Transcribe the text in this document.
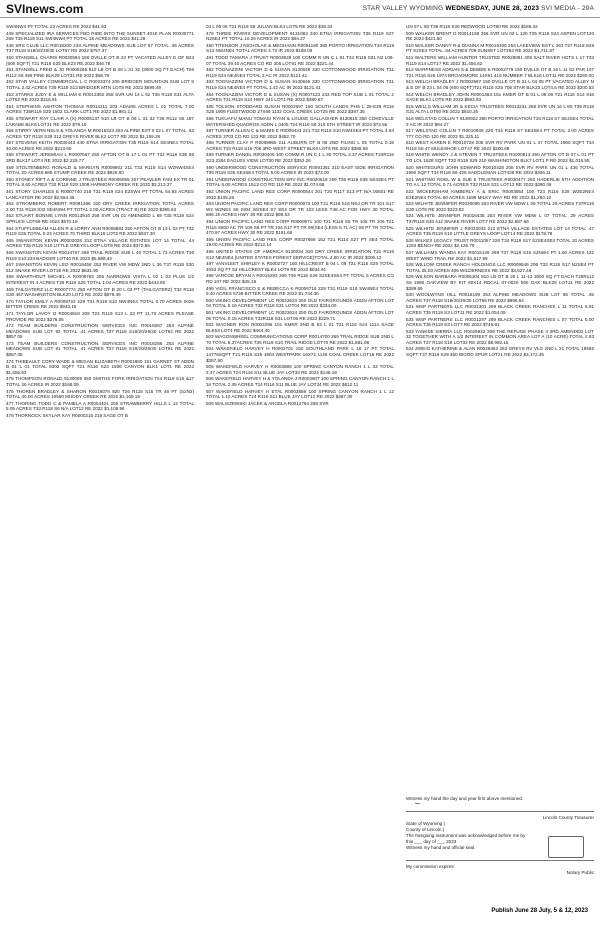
SVInews.com	STAR VALLEY WYOMING WEDNESDAY, JUNE 28, 2023 SVI MEDIA - 29A

SW4NW4 PT TOTAL 23 ACRES RE 2022 $41.63

448 SPECIALIZED IRA SERVICES FBO RIDE INTO THE SUNSET 401K PLAN R0030771 269 T35 R119 S11 SW4NW4 PT TOTAL 18 ACRES RE 2022 $41.28

449 SRS CLUB LLC R0018200 233 ALPINE MEADOWS SUB LOT 67 TOTAL .36 ACRES T37 R118 S19/20/29/30 LOT67 RE 2022 $757.37

450 STANSELL CHARIS R0030564 150 DVILLE OT B 23 PT VACATED ALLEY E OF B23 (600 SQFT) T21 R116 S25 BLK23 RE 2022 $46.78

451 STANSELL FRED & JO R0005265 910 LB OT B 28 L 31 32 (3000 SQ FT EACH) T26 R112 S6 489 PINE BLK28 LOT31 RE 2022 $58.79

452 STAR VALLEY COMMERCIAL L C R0023374 205 BRIDGER MOUNTAIN SUB LOT 8 TOTAL 3.42 ACRES T35 R118 S13 BRIDGER MTN LOT8 RE 2022 $895.49

453 STARKS JUDY E & WILLIAM E R0013362 258 SVR UN 14 L 52 T35 R118 S31 ALTA LOT52 RE 2022 $316.81

454 STEPHENS ASHTON THOMAS R0014211 203 ADAMS ACRES L 01 TOTAL 7.00 ACRES T35R119 S25 1502 CLARK LOT1 RE 2022 $1,981.11

455 STEWART RAY CLAIR A (X) R0005137 910 LB OT B 06 L 31 32 T26 R112 S6 187 LARABE BLK6 LOT31 RE 2022 $79.19

456 STIRRY VERN NELS & YOLANDA M R0016323 253 ALPINE EST II 02 L 07 TOTAL .63 ACRES T37 R118 S29 312 GREYS RIVER BLK2 LOT7 RE 2022 $1,159.28

457 STEVENS KEITH R0030443 440 ETNA IRRIGATION T35 R119 S14 SE4NE4 TOTAL 40.00 ACRES RE 2022 $213.69

458 STEWART JEREMIAH L R0007667 250 AFTON OT B 17 L 04 PT T32 R118 S36 66 3RD BLK17 LOT4 RE 2022 $2,229.77

459 STOLTENBERG RONALD & MARILYN R0009902 211 T33 R119 S14 W2NW4SE4 TOTAL 20 ACRES 688 STUMP CREEK RE 2022 $926.60

460 STONEY RIFT A & CORINNE J TRUSTEES R0009055 207 PEAVLER FAM EX TR 01 TOTAL 8.60 ACRES T32 R119 S29 1008 HARMONY CREEK RE 2022 $3,213.37

461 STORY CHARLES E R0007740 218 T31 R119 S24 E2SW4 PT TOTAL 54.93 ACRES LANCASTER RE 2022 $2,554.45

462 STROMBERG ROBERT R0091386 320 DRY CREEK IRRIGATION TOTAL ACRES 2.00 T31 R118 S33 SE4NW4 PT TOTAL 2.00 ACRES (TRACT B) RE 2022 $396.53

463 STUART BONNIE LYNN R0013916 256 SVR UN 01 AMENDED L 69 T35 R119 S24 SPRUCE LOT69 RE 2022 $670.19

464 STUFFLEBEAM ALLEN R & LORRY ANN R0008884 250 AFTON OT B 13 L 02 PT T32 R119 S25 TOTAL 0.23 ACRES 70 THIRD BLK18 LOT2 RE 2022 $637.30

465 SWANSTON KEVIN R0002028 212 ETNA VILLAGE ESTATES LOT 14 TOTAL .44 ACRES T35 R119 S10 LITTLE GREYS LOOP LOT9 RE 2022 $372.55

466 SWANSTON KEVIN R0014767 269 TRAIL RIDGE SUB L 40 TOTAL 1.73 ACRES T36 R119 S10 233 BADGER LOT40 RE 2022 $5,888.42

467 SWANSTON KEVIN LEO R0016458 253 RIVER VW MDW 2ND L 36 T37 R118 S30 512 SNAKE RIVER LOT36 RE 2022 $631.90

468 SWARTHOUT MICHEL A R0008763 205 NARROWS VISTA L 02 L 03 PLUS 1/2 INTEREST IN 4 ACRES T36 R119 S26 TOTAL 1.04 ACRES RE 2022 $442.60

469 TAILGATERZ LLC R0007774 250 AFTON OT B 20 L 03 PT (TAILGATERZ) T32 R118 S30 467 WASHINGTON BLK20 LOT3 RE 2022 $879.46

470 TAYLOR EMILY A R0009722 229 T31 R119 S10 NW4NE4 TOTAL 0.70 ACRES 0026 BITTER CREEK RE 2022 $943.16

471 TAYLOR LAVOY O R0004818 209 T24 R119 S13 L 23 PT 11.70 ACRES PLEASE PROVIDE RE 2022 $376.06

472 TEAM BUILDERS CONSTRUCTION SERVICES INC R0018287 253 ALPINE MEADOWS SUB LOT 92 TOTAL .41 ACRES T37 R118 S19/20/29/30 LOT92 RE 2022 $857.05

473 TEAM BUILDERS CONSTRUCTION SERVICES INC R0018286 253 ALPINE MEADOWS SUB LOT 91 TOTAL .41 ACRES T37 R118 S19/20/29/30 LOT91 RE 2022 $857.05

474 THIBEAULT CORY WADE & MEGAN ELIZABETH R0001880 151 GARNET ST ADDN B 01 L 01 TOTAL 9302 SQFT T21 R116 S23 1506 CANYON BLK1 LOT1 RE 2022 $1,655.63

475 THOMPSON RONALD 9130009 350 SMITHS FORK IRRIGATION T24 R119 S16 &17 TOTAL 26 ACRES IR 2022 $168.09

476 THOREN BRADLEY & SHARON R0019076 920 T26 R115 S15 TR 46 PT (S2N2) TOTAL 40.00 ACRES 16590 MUDDY CREEK RE 2022 $1,169.19

477 THORING TODD C & PAMELA A R0004401 205 STRAWBERRY HILLS L 12 TOTAL 5.05 ACRES T33 R118 S6 N/A LOT12 RE 2022 $1,106.96

478 THORNOCK SKYLAR KAY R0000215 219 SAGE OT B

04 L 05 06 T21 R119 S8 JULIAN BLK4 LOT5 RE 2022 $38.34

479 THREE RIVERS DEVELOPMENT 9131083 340 ETNA IRRIGATION T36 R119 S27 N2SE4 PT TOTAL 10.25 ACRES IR 2022 $94.27

480 TITENSOR J NICHOLAS & MEGHANN R0091180 380 PORTO IRRIGATION T34 R119 S13 NW4NE4 TOTAL ACRES 4.72 IR 2022 $168.09

481 TODD TAMARA J TRUST R0003828 100 COMM R UN C L 91 T24 R115 S31 N2 L06-07 TOTAL 39.40 ACRES CO RD 306 LOT91 RE 2022 $221.44

482 TOGNAZZINI VICTOR D & SUSAN 9130849 330 COTTONWOOD IRRIGATION T31 R119 S24 NE4NE4 TOTAL 2 AC IR 2022 $121.41

483 TOGNAZZINI VICTOR D & SUSAN 9130846 330 COTTONWOOD IRRIGATION T31 R119 S24 NE4NE4 PT TOTAL 1.42 AC IR 2022 $121.41

484 TOGNAZZINI VICTOR D & SUSAN (X) R0007123 233 RED TOP SUB L 01 TOTAL 2 ACRES T31 R119 S24 HWY 241 LOT1 RE 2022 $380.67

485 TOLSON STODDARD SUSAN R0002697 150 SOUTH LANDS PHS L 25-E29 R116 S25 1906 FLEETWOOD 27X66 1132 COAL CREEK LOT25 RE 2022 $387.35

486 TUKUAFU MANU TOMASI RYAN & LOUISE GALLAGHER 9130615 360 COKEVILLE WATERSHED QUADROS ADDN L 0405 T24 R119 S8 215 5TH STREET IR 2022 $72.56

487 TURNER ALLEN C & MARIE E R0009433 221 T33 R118 S10 NW4SE4 PT TOTAL 4.94 ACRES 3703 CO RD 123 RE 2022 $452.70

488 TURNER CLAY P R0009955 211 AUBURN OT B 06 2ND FILING L 05 TOTAL 0.16 ACRES T33 R119 S16 706 3RD WEST STREET BLK6 LOT5 RE 2022 $388.59

489 TURNER DANIEL R0030406 100 COMM R UN C 1 L 30 TOTAL 2.37 ACRES T24R116 S23 2284 EAGLES VIEW LOT30 RE 2022 $352.26

490 UNDERWOOD CONSTRUCTION SERVICE R0091351 310 EAST SIDE IRRIGATION T36 R119 S35 SE4SE4 TOTAL 5.00 ACRES IR 2022 $73.00

491 UNDERWOOD CONSTRUCTION SRV INC R0020618 269 T36 R119 S35 SE4SE4 PT TOTAL 5.00 ACRES 1513 CO RD 110 RE 2022 $1,074.68

492 UNION PACIFIC LAND RES CORP R0000544 201 T20 R117 S13 PT N/A 00601 RE 2022 $105.26

493 UNION PACIFIC LAND RES CORP R0000873 100 T21 R116 S16 NE4 OR TR 101 S17 W2 W2NE4 S8 SW4 W2SE4 S7 SE4 OR TR 102 LESS T48 AC FOR HWY 30 TOTAL 886.19 ACRES HWY 30 RE 2022 $99.53

494 UNION PACIFIC LAND RES CORP R0000871 100 T21 R116 S5 TR 105 TR 106 T21 R116 S600 AC TR 106 S8 PT TR 104 S17 PT TR 99(SE4 (LESS 5.71 AC) S8 PT TR TOTAL 470.97 ACRES HWY 30 RE 2022 $181.68

495 UNION PACIFIC LAND RES CORP R0027666 152 T21 R114 S27 PT SE4 TOTAL 19.00 ACRES RE 2022 $212.14

496 UNITED STATES OF AMERICA 9130034 320 DRY CREEK IRRIGATION T31 R119 S12 NE4NE4 (UNITED STATES FOREST SERVICE)TOTAL 2.00 AC IR 2022 $306.12

497 VANVLEET SHIRLEY K R0002727 150 HILLCREST B 04 L 09 T21 R116 S25 TOTAL 4053 SQ FT 53 HILLCREST BLK4 LOT9 RE 2022 $834.91

498 VARCOE BRYAN A R0015293 269 T36 R119 S26 S2SE4SE4 PT TOTAL 5 ACRES CO RD 107 RE 2022 $45.19

499 VIGIL FRANCISCO E & REBECCA K R0006716 229 T31 R119 S16 SW4NE4 TOTAL 5.40 ACRES 5736 BITTER CREEK RE 2022 $1,744.36

500 VIKING DEVELOPMENT LC R0022623 250 OLD FAIRGROUNDS ADDN AFTON LOT 04 TOTAL 0.16 ACRES T32 R118 S31 LOT04 RE 2022 $334.00

501 VIKING DEVELOPMENT LC R0022624 250 OLD FAIRGROUNDS ADDN AFTON LOT 05 TOTAL 0.15 ACRES T32R118 S31 LOT05 RE 2022 $329.71

502 WAGNER RON R0002296 151 KMER 2ND B 53 L 01 T21 R116 S24 1114 SAGE BLK53 LOT4 RE 2022 $464.40

503 WAGONWHEEL COMMUNICATIONS CORP R0014700 269 TRAIL RIDGE SUB 2ND L 70 TOTAL 8.37ACRES T36 R119 S10 TRAIL RIDGE LOT70 RE 2022 $1,581.08

504 WAKEFIELD HARVEY H R0002701 150 SOUTHLAND PARK L 16 17 PT TOTAL 14776SQFT T21 R116 S25 1904 WESTPARK 16X72 1146 COAL CREEK LOT16 RE 2022 $387.90

505 WAKEFIELD HARVEY H R0003888 100 SPRING CANYON RANCH 1 L 33 TOTAL 2.47 ACRES T24 R116 S11 BLUE JAY LOT33 RE 2022 $146.19

506 WAKEFIELD HARVEY H & YOLANDA J R0003807 100 SPRING CANYON RANCH 1 L 34 TOTAL 2.49 ACRES T24 R116 S11 BLUE JAY LOT34 RE 2022 $612.11

507 WAKEFIELD HARVEY H ETAL R0003859 100 SPRING CANYON RANCH 1 L 12 TOTAL 1.10 ACRES T24 R116 S11 BLUE JAY LOT12 RE 2022 $387.30

508 WALISZEWSKI JACEK & ANGELA R0012764 258 SVR

UN 07 L 80 T35 R118 S30 REDWOOD LOT80 RE 2022 $185.32

509 WALKER BRENT D R0014168 256 SVR UN 03 L 120 T35 R119 S24 ASPEN LOT120 RE 2022 $421.50

510 WALKER DANNY R & DIANNA M R0016306 253 LAKEVIEW EST L 263 T37 R118 S29 PT S2SE4 TOTAL .54 ACRES 709 SUNSET LOT263 RE 2022 $1,711.87

511 WALTERS WILLIAM HUNTER TRUSTEE R0028891 205 SALT RIVER HGTS L 17 T33 R119 S14 LOT17 RE 2022 $1,456.62

512 WARPNESS ADRIAN S & DEBBIE K R0002779 150 DVILLE OT B 16 L 11 S2 PAR 137 T21 R116 S26 1974 BROADMORE 14X61 415 NUMBER 7 BLK16 LOT11 RE 2022 $280.00

513 WELCH BRADLEY J R0002597 150 DVILLE OT B 21 L 04 05 PT VACATED ALLEY N & E OF B 23 L 04 05 (600 SQFT)T21 R116 S25 708 STAR BLK23 LOT4,5 RE 2022 $200.53

514 WELCH BRADLEY JOHN R0001463 151 KMER OT B 01 L 05 06 T21 R116 S14 918 SAGE BLK1 LOT5 RE 2022 $863.83

515 WELLS WILLIAM JR & KECIA TRUSTEES R0013231 258 SVR UN 16 L 60 T35 R118 S31 ALTA LOT60 RE 2022 $810.26

516 WELSTAD COLLIN T 9130922 380 PORTO IRRIGATION T34 R118 S7 SE4SE4 TOTAL 2 AC IR 2022 $94.27

517 WELSTAD COLLIN T R0010949 226 T34 R118 S7 SE4SE4 PT TOTAL 2.00 ACRES 777 CO RD 120 RE 2022 $1,325.11

518 WEST KAREN E R0010728 205 SVR RV PARK UN 01 L 47 TOTAL 1960 SQFT T34 R118 S6 47 MULESHOE LOT47 RE 2022 $200.68

519 WHITE WENDY J & STEVEN T TRUSTEES R0000813 250 AFTON OT B 07 L 01 PT TO LOL 1628 SQFT T32 R119 S25 210 WASHINGTON BLK7 LOT1 P RE 2022 $1,016.55

520 WHITEGURS JOHN EDWARD R0010428 205 SVR RV PARK UN 01 L 436 TOTAL 1960 SQFT T34 R118 S6 426 SADDLEMAN LOT436 RE 2022 $306.11

521 WHITING NOEL W & SUE II TRUSTEES R0030477 250 HADERLIE 5TH ADDITION TO A L 12 TOTAL 0.71 ACRES T32 R118 S31 LOT12 RE 2022 $380.06

522 WICKERSHAM KIMBERLY A & ERIC R0003654 100 T23 R116 S28 W2E2NE4 E2E2NE4 TOTAL 80 ACRES 1596 MILKY WAY RD RE 2022 $1,260.10

523 WILHITE JENNIFER R0030095 253 RIVER VW MDW L 06 TOTAL 29 ACRES T37R119 S30 LOT6 RE 2022 $323.82

524 WILHITE JENNIFER R0016435 253 RIVER VW MDW L 07 TOTAL .29 ACRES T37R118 S30 412 SNAKE RIVER LOT7 RE 2022 $2,887.66

525 WILHITE JENNIFER J R0023033 212 ETNA VILLAGE ESTATES LOT 14 TOTAL .47 ACRES T35 R119 S10 LITTLE GREYS LOOP LOT14 RE 2022 $178.78

526 WILKES LEGACY TRUST R0011057 226 T34 R118 S17 S2SE4SE4 TOTAL 20 ACRES 1253 BENCH RE 2022 $2,126.79

527 WILLIAMS WANDA KAY R0015136 269 T37 R118 S18 S2NW4 PT 1.60 ACRES 122 WEST WIND TRAIL RE 2022 $1,617.99

528 WILLOW CREEK RANCH HOLDINGS LLC R0009546 206 T33 R118 S17 N2SE4 PT TOTAL 35.03 ACRES 406 WILDERNESS RE 2022 $3,527.48

529 WILSON BARBARA R0005304 910 LB OT B 29 L 11-13 3000 SQ FT EACH T26R112 S6 1980 OAKVIEW BY KIT 60X14 RDCAL 07-0020 560 OAK BLK29 LOT11 RE 2022 $389.66

530 WOOLWYNS HILL R0018199 253 ALPINE MEADOWS SUB LOT 66 TOTAL .45 ACRES T37 R118 S19/20/29/30 LOT66 RE 2022 $996.54

531 WSP PARTNERS LLC R0031301 269 BLACK CREEK RANCHES L 11 TOTAL 5.91 ACRES T35 R119 S3 LOT11 RE 2022 $1,054.09

532 WSP PARTNERS LLC R0031297 269 BLACK CREEK RANCHES L 07 TOTAL 5.00 ACRES T35 R119 S3 LOT7 RE 2022 $746.91

533 YANKEE SIERRA LLC R0029932 269 THE REFUGE PHASE II 3RD AMENDED LOT 32 TOGETHER WITH A 1/2 INTEREST IN COMMON AREA LOT A (10 ACRE) TOTAL 2.83 ACRES T37 R118 S19 LOT32 RE 2022 $8,992.15

534 ZWEIG KATHERINE & ALAN R0026363 253 GREYS RV VLG 2ND L 21 TOTAL 18565 SQFT T37 R118 S29 360 WOOD SPUR LOT21 RE 2022 $3,172.45

Witness my hand the day and year first above mentioned.
~
Lincoln County Treasurer
State of Wyoming )
County of Lincoln )
The foregoing instrument was acknowledged before me by
this ___ day of ___ 2023
Witness my hand and official seal.
My commission expires:
Notary Public
Publish June 28 July, 5 & 12, 2023
